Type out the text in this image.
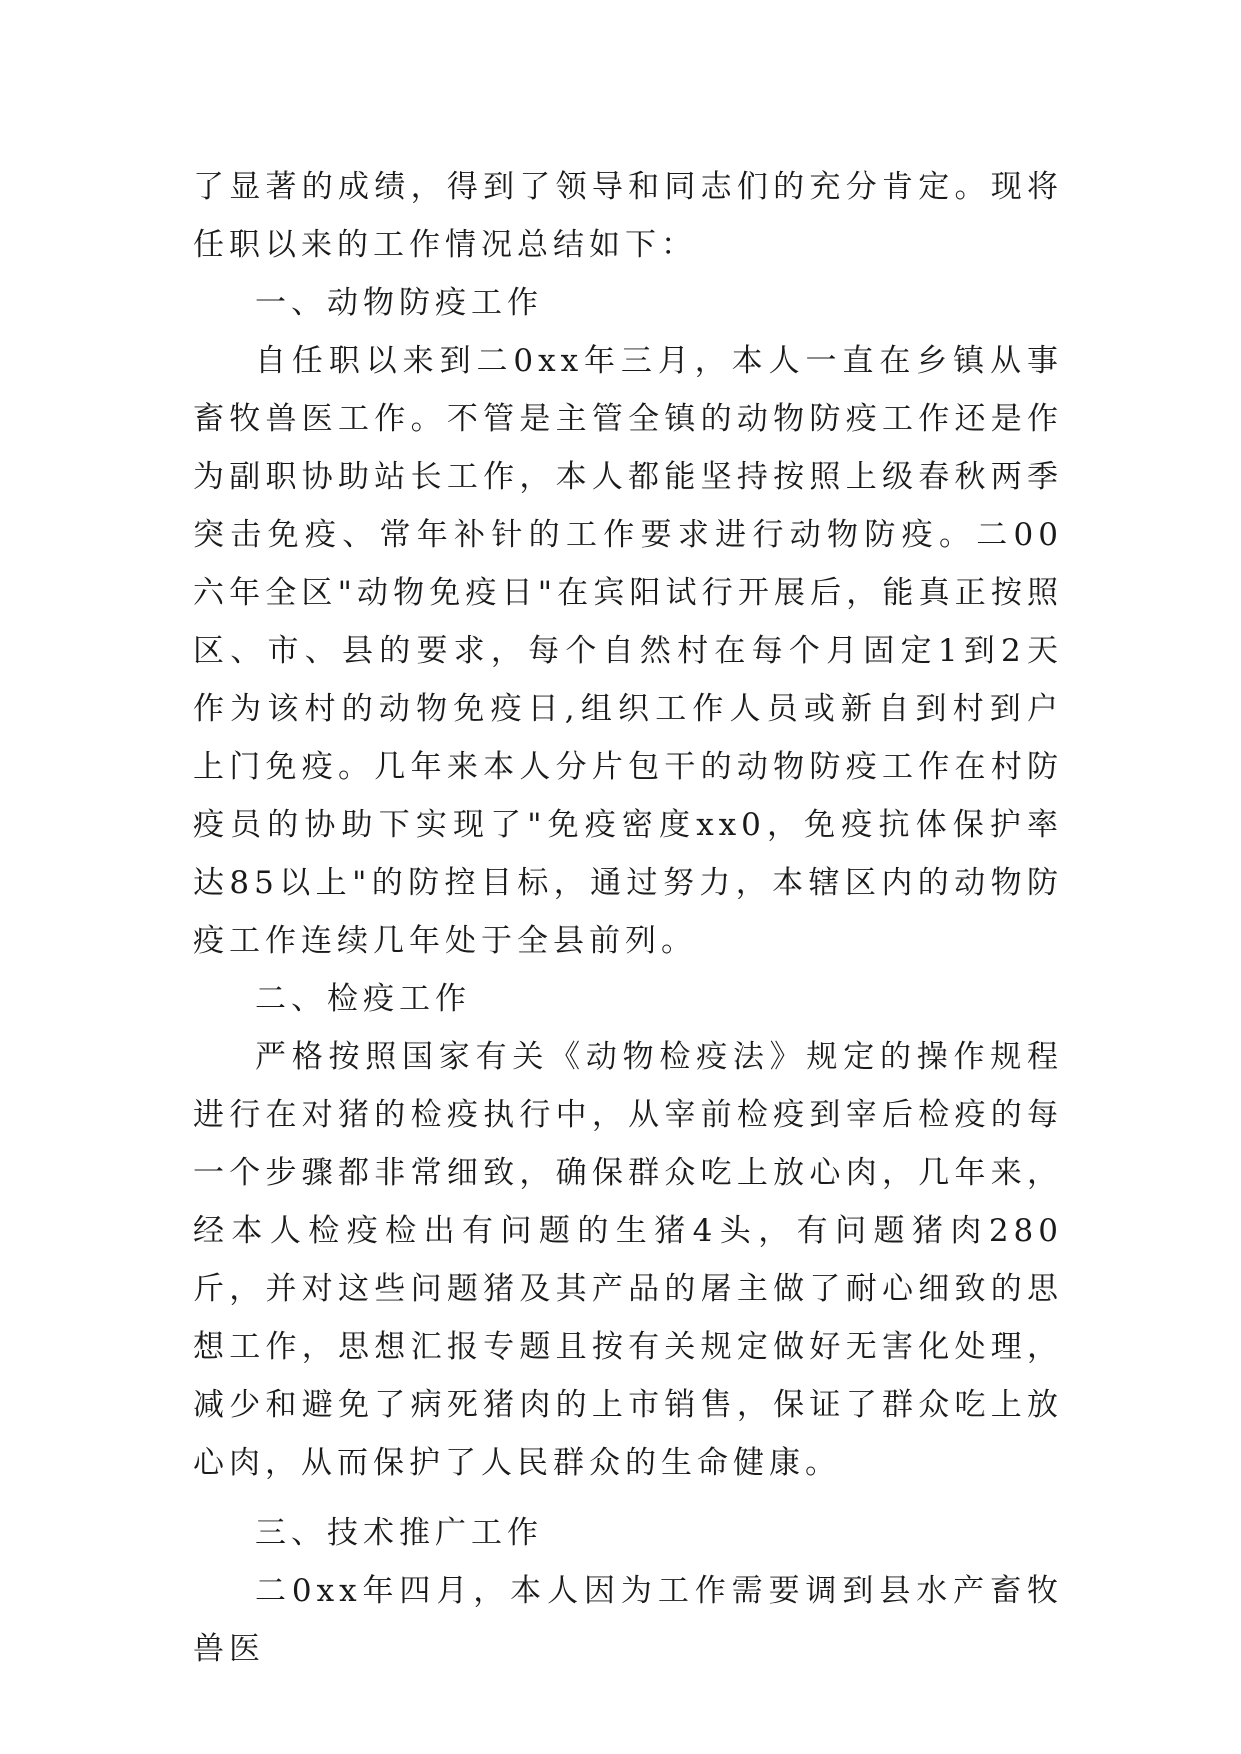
了显著的成绩，得到了领导和同志们的充分肯定。现将任职以来的工作情况总结如下：

一、动物防疫工作

自任职以来到二0xx年三月，本人一直在乡镇从事畜牧兽医工作。不管是主管全镇的动物防疫工作还是作为副职协助站长工作，本人都能坚持按照上级春秋两季突击免疫、常年补针的工作要求进行动物防疫。二00六年全区"动物免疫日"在宾阳试行开展后，能真正按照区、市、县的要求，每个自然村在每个月固定1到2天作为该村的动物免疫日,组织工作人员或新自到村到户上门免疫。几年来本人分片包干的动物防疫工作在村防疫员的协助下实现了"免疫密度xx0，免疫抗体保护率达85以上"的防控目标，通过努力，本辖区内的动物防疫工作连续几年处于全县前列。

二、检疫工作

严格按照国家有关《动物检疫法》规定的操作规程进行在对猪的检疫执行中，从宰前检疫到宰后检疫的每一个步骤都非常细致，确保群众吃上放心肉，几年来，经本人检疫检出有问题的生猪4头，有问题猪肉280斤，并对这些问题猪及其产品的屠主做了耐心细致的思想工作，思想汇报专题且按有关规定做好无害化处理，减少和避免了病死猪肉的上市销售，保证了群众吃上放心肉，从而保护了人民群众的生命健康。

三、技术推广工作

二0xx年四月，本人因为工作需要调到县水产畜牧兽医
